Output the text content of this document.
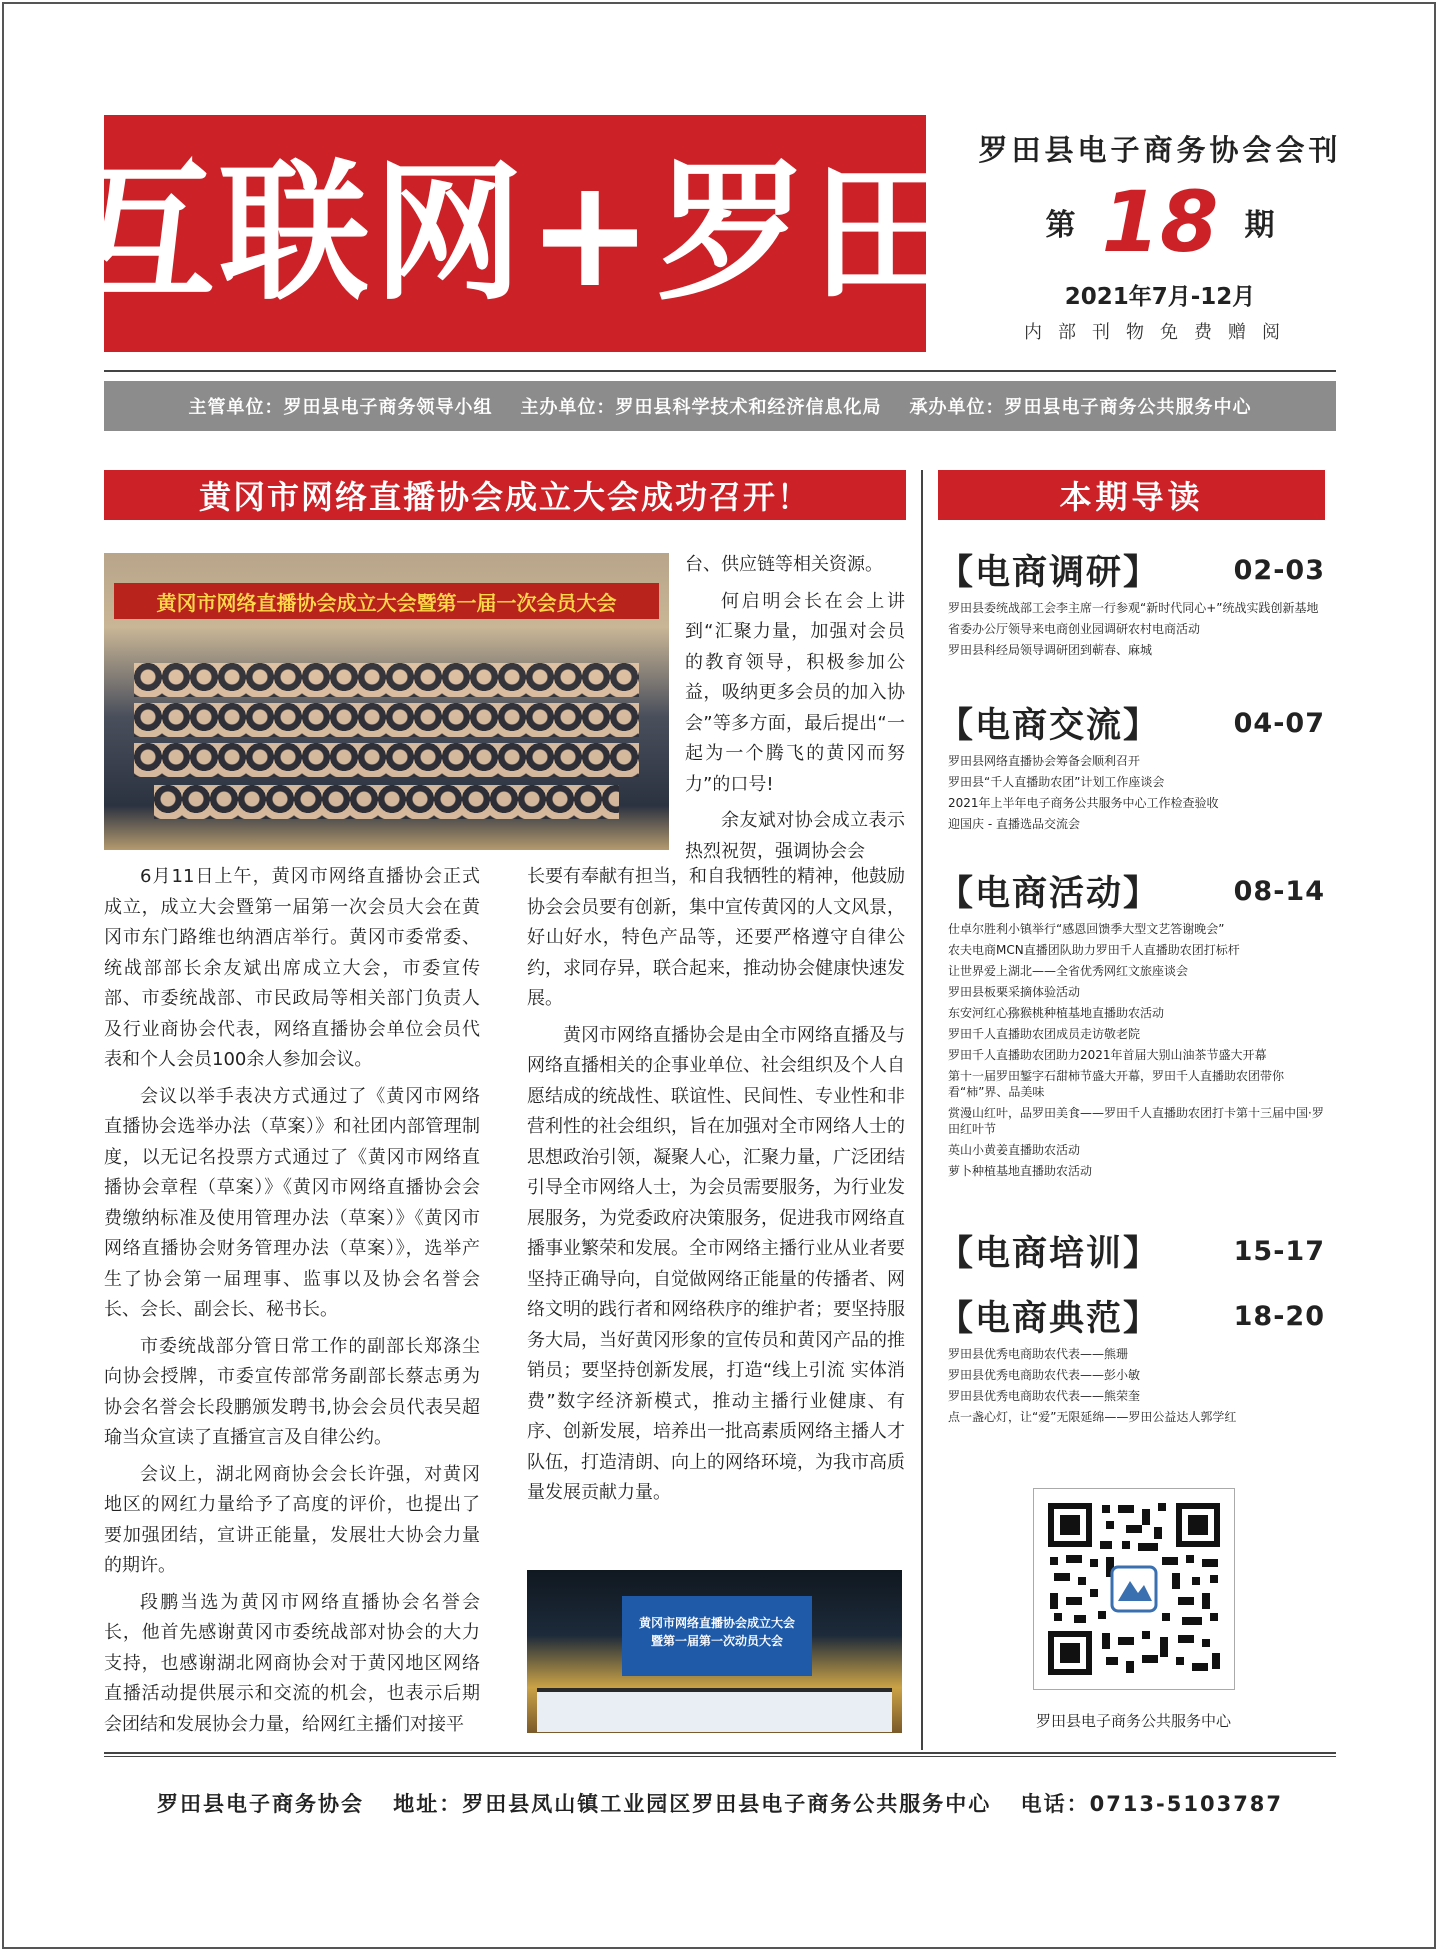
互联网+罗田 罗田县电子商务协会会刊
第 18 期
2021年7月-12月
内部刊物免费赠阅
主管单位：罗田县电子商务领导小组 主办单位：罗田县科学技术和经济信息化局 承办单位：罗田县电子商务公共服务中心
黄冈市网络直播协会成立大会成功召开！
黄冈市网络直播协会成立大会暨第一届一次会员大会

台、供应链等相关资源。

何启明会长在会上讲到“汇聚力量，加强对会员的教育领导，积极参加公益，吸纳更多会员的加入协会”等多方面，最后提出“一起为一个腾飞的黄冈而努力”的口号!

余友斌对协会成立表示热烈祝贺，强调协会会

6月11日上午，黄冈市网络直播协会正式成立，成立大会暨第一届第一次会员大会在黄冈市东门路维也纳酒店举行。黄冈市委常委、统战部部长余友斌出席成立大会，市委宣传部、市委统战部、市民政局等相关部门负责人及行业商协会代表，网络直播协会单位会员代表和个人会员100余人参加会议。

会议以举手表决方式通过了《黄冈市网络直播协会选举办法（草案）》和社团内部管理制度，以无记名投票方式通过了《黄冈市网络直播协会章程（草案）》《黄冈市网络直播协会会费缴纳标准及使用管理办法（草案）》《黄冈市网络直播协会财务管理办法（草案）》，选举产生了协会第一届理事、监事以及协会名誉会长、会长、副会长、秘书长。

市委统战部分管日常工作的副部长郑涤尘向协会授牌，市委宣传部常务副部长蔡志勇为协会名誉会长段鹏颁发聘书,协会会员代表吴超瑜当众宣读了直播宣言及自律公约。

会议上，湖北网商协会会长许强，对黄冈地区的网红力量给予了高度的评价，也提出了要加强团结，宣讲正能量，发展壮大协会力量的期许。

段鹏当选为黄冈市网络直播协会名誉会长，他首先感谢黄冈市委统战部对协会的大力支持，也感谢湖北网商协会对于黄冈地区网络直播活动提供展示和交流的机会，也表示后期会团结和发展协会力量，给网红主播们对接平

长要有奉献有担当，和自我牺牲的精神，他鼓励协会会员要有创新，集中宣传黄冈的人文风景，好山好水，特色产品等，还要严格遵守自律公约，求同存异，联合起来，推动协会健康快速发展。

黄冈市网络直播协会是由全市网络直播及与网络直播相关的企事业单位、社会组织及个人自愿结成的统战性、联谊性、民间性、专业性和非营利性的社会组织，旨在加强对全市网络人士的思想政治引领，凝聚人心，汇聚力量，广泛团结引导全市网络人士，为会员需要服务，为行业发展服务，为党委政府决策服务，促进我市网络直播事业繁荣和发展。全市网络主播行业从业者要坚持正确导向，自觉做网络正能量的传播者、网络文明的践行者和网络秩序的维护者；要坚持服务大局，当好黄冈形象的宣传员和黄冈产品的推销员；要坚持创新发展，打造“线上引流 实体消费”数字经济新模式，推动主播行业健康、有序、创新发展，培养出一批高素质网络主播人才队伍，打造清朗、向上的网络环境，为我市高质量发展贡献力量。

黄冈市网络直播协会成立大会
暨第一届第一次动员大会
本期导读
【电商调研】	02-03
罗田县委统战部工会李主席一行参观“新时代同心+”统战实践创新基地
省委办公厅领导来电商创业园调研农村电商活动
罗田县科经局领导调研团到蕲春、麻城
【电商交流】	04-07
罗田县网络直播协会筹备会顺利召开
罗田县“千人直播助农团”计划工作座谈会
2021年上半年电子商务公共服务中心工作检查验收
迎国庆 - 直播选品交流会
【电商活动】	08-14
仕卓尔胜利小镇举行“感恩回馈季大型文艺答谢晚会”
农夫电商MCN直播团队助力罗田千人直播助农团打标杆
让世界爱上湖北——全省优秀网红文旅座谈会
罗田县板栗采摘体验活动
东安河红心猕猴桃种植基地直播助农活动
罗田千人直播助农团成员走访敬老院
罗田千人直播助农团助力2021年首届大别山油茶节盛大开幕
第十一届罗田錾字石甜柿节盛大开幕，罗田千人直播助农团带你看“柿”界、品美味
赏漫山红叶，品罗田美食——罗田千人直播助农团打卡第十三届中国·罗田红叶节
英山小黄姜直播助农活动
萝卜种植基地直播助农活动
【电商培训】	15-17
【电商典范】	18-20
罗田县优秀电商助农代表——熊珊
罗田县优秀电商助农代表——彭小敏
罗田县优秀电商助农代表——熊荣奎
点一盏心灯，让“爱”无限延绵——罗田公益达人郭学红
罗田县电子商务公共服务中心
罗田县电子商务协会 地址：罗田县凤山镇工业园区罗田县电子商务公共服务中心 电话：0713-5103787
